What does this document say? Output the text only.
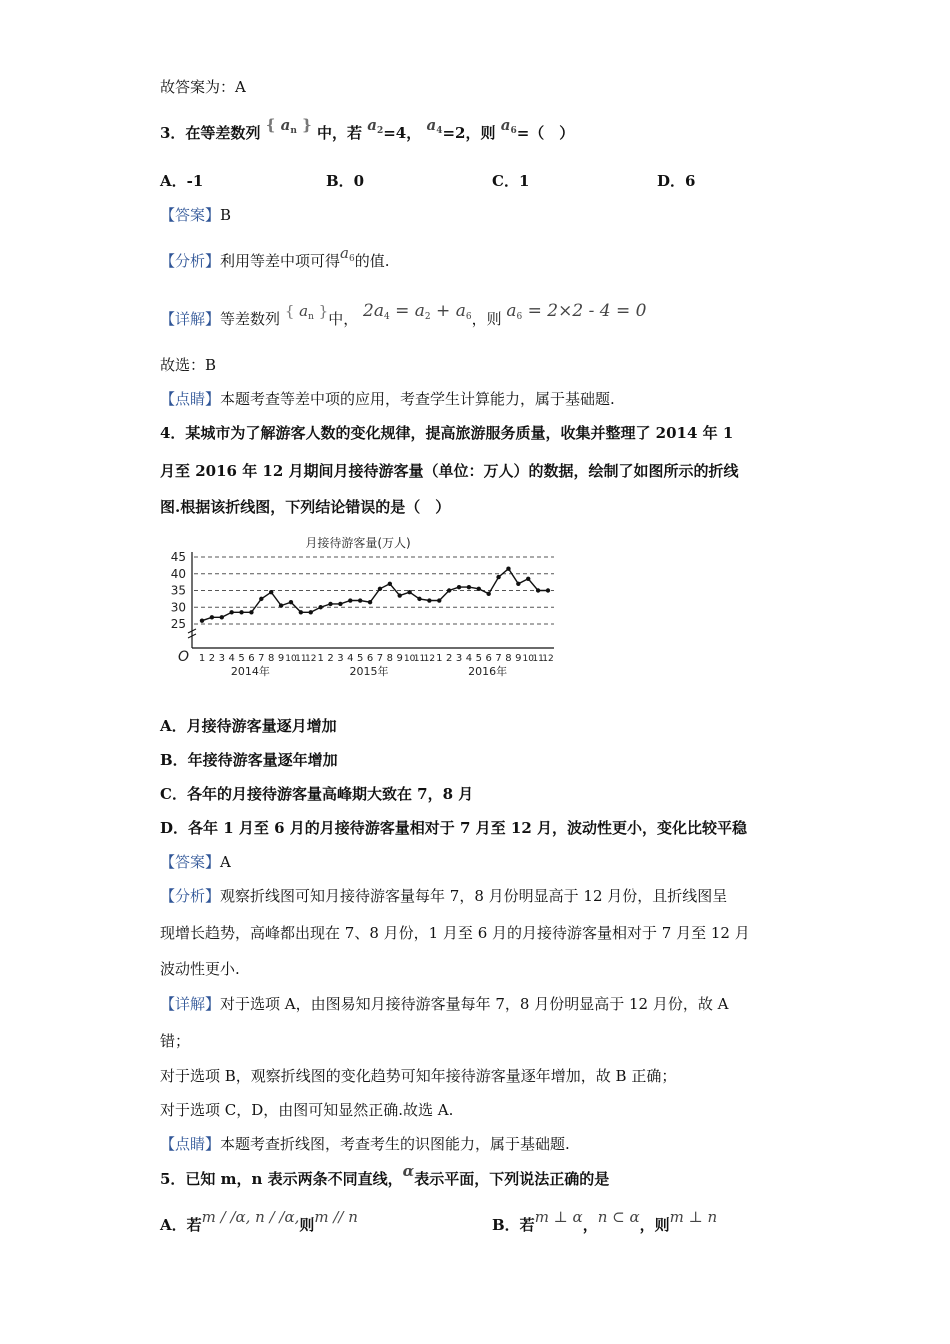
故答案为：A
3．在等差数列 { $a_n$ } 中，若 $a_2=4$， $a_4=2$，则 $a_6=$（　）
A．-1	B．0	C．1	D．6
【答案】B
【分析】利用等差中项可得$a_6$的值.
【详解】等差数列 { $a_n$ }中， $2a_4 = a_2 + a_6$，则 $a_6 = 2\times 2 - 4 = 0$
故选：B
【点睛】本题考查等差中项的应用，考查学生计算能力，属于基础题.
4．某城市为了解游客人数的变化规律，提高旅游服务质量，收集并整理了 2014 年 1
月至 2016 年 12 月期间月接待游客量（单位：万人）的数据，绘制了如图所示的折线
图.根据该折线图，下列结论错误的是（　）
月接待游客量(万人)
25
30
35
40
45
1 2 3 4 5 6 7 8 9 10
11
12 1 2 3 4 5 6 7 8 9 10
11
12 1 2 3 4 5 6 7 8 9 10
11
12
2014年	2015年	2016年
O
A．月接待游客量逐月增加
B．年接待游客量逐年增加
C．各年的月接待游客量高峰期大致在 7，8 月
D．各年 1 月至 6 月的月接待游客量相对于 7 月至 12 月，波动性更小，变化比较平稳
【答案】A
【分析】观察折线图可知月接待游客量每年 7，8 月份明显高于 12 月份，且折线图呈
现增长趋势，高峰都出现在 7、8 月份，1 月至 6 月的月接待游客量相对于 7 月至 12 月
波动性更小.
【详解】对于选项 A，由图易知月接待游客量每年 7，8 月份明显高于 12 月份，故 A
错；
对于选项 B，观察折线图的变化趋势可知年接待游客量逐年增加，故 B 正确；
对于选项 C，D，由图可知显然正确.故选 A.
【点睛】本题考查折线图，考查考生的识图能力，属于基础题.
5．已知 m，n 表示两条不同直线，α表示平面，下列说法正确的是
A．若m / /α, n / /α,则m // n	B．若m ⊥ α，n ⊂ α，则m ⊥ n
